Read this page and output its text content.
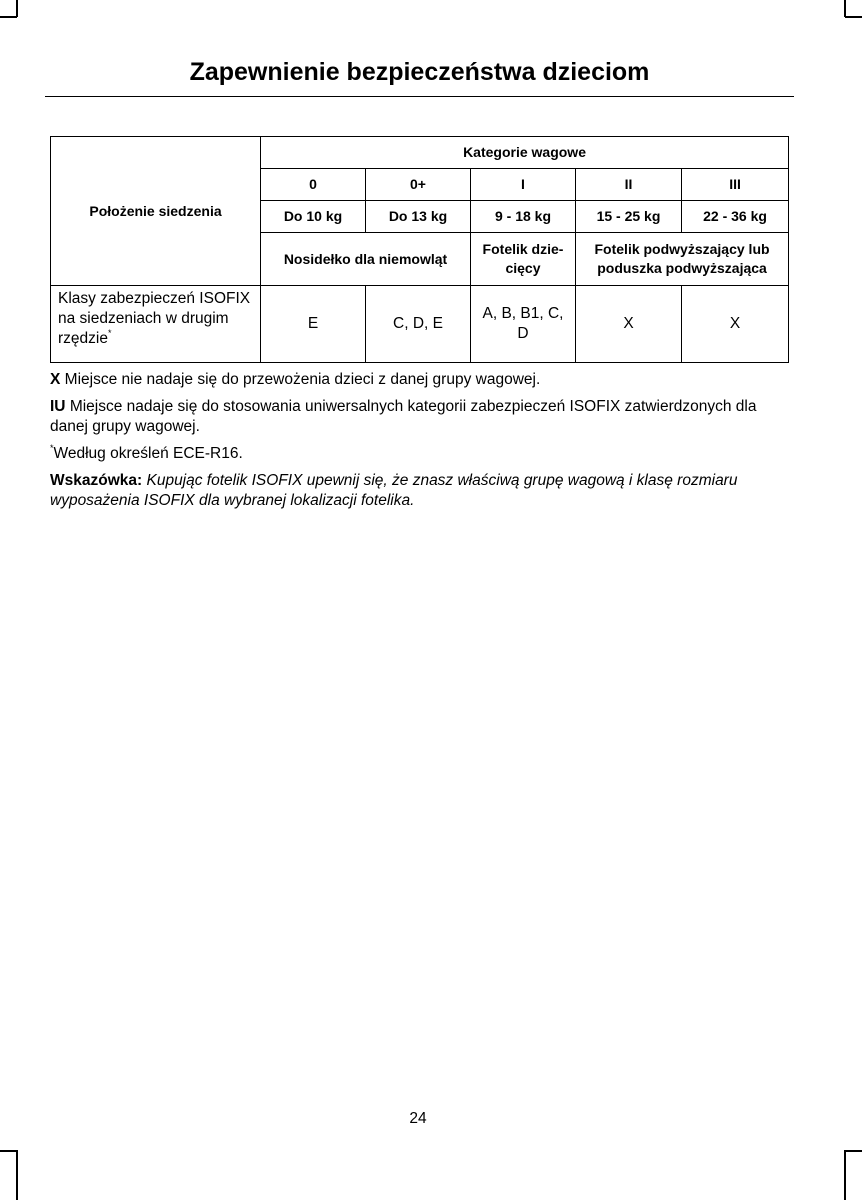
Zapewnienie bezpieczeństwa dzieciom
Położenie siedzenia	Kategorie wagowe				
	0	0+	I	II	III
	Do 10 kg	Do 13 kg	9 - 18 kg	15 - 25 kg	22 - 36 kg
	Nosidełko dla niemowląt		Fotelik dzie-cięcy	Fotelik podwyższający lub poduszka podwyższająca	
Klasy zabezpieczeń ISOFIX na siedzeniach w drugim rzędzie*	E	C, D, E	A, B, B1, C, D	X	X

X Miejsce nie nadaje się do przewożenia dzieci z danej grupy wagowej.

IU Miejsce nadaje się do stosowania uniwersalnych kategorii zabezpieczeń ISOFIX zatwierdzonych dla danej grupy wagowej.

*Według określeń ECE-R16.

Wskazówka: Kupując fotelik ISOFIX upewnij się, że znasz właściwą grupę wagową i klasę rozmiaru wyposażenia ISOFIX dla wybranej lokalizacji fotelika.

24
